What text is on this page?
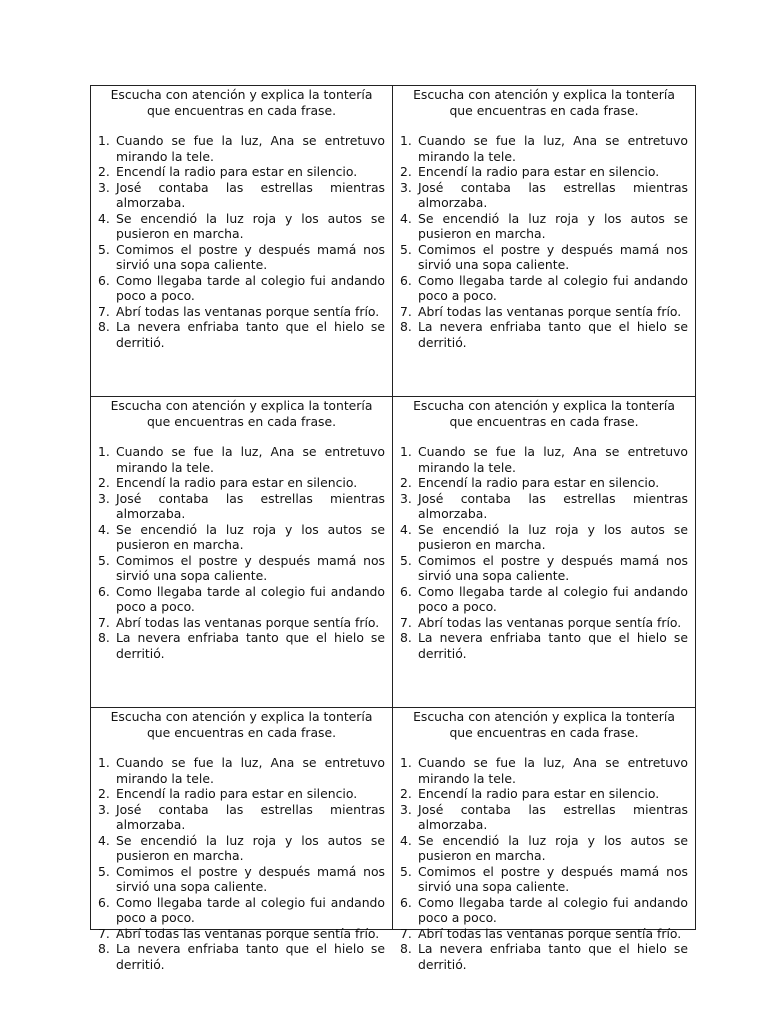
Escucha con atención y explica la tontería que encuentras en cada frase.
1. Cuando se fue la luz, Ana se entretuvo mirando la tele.
2. Encendí la radio para estar en silencio.
3. José contaba las estrellas mientras almorzaba.
4. Se encendió la luz roja y los autos se pusieron en marcha.
5. Comimos el postre y después mamá nos sirvió una sopa caliente.
6. Como llegaba tarde al colegio fui andando poco a poco.
7. Abrí todas las ventanas porque sentía frío.
8. La nevera enfriaba tanto que el hielo se derritió.
Escucha con atención y explica la tontería que encuentras en cada frase.
1. Cuando se fue la luz, Ana se entretuvo mirando la tele.
2. Encendí la radio para estar en silencio.
3. José contaba las estrellas mientras almorzaba.
4. Se encendió la luz roja y los autos se pusieron en marcha.
5. Comimos el postre y después mamá nos sirvió una sopa caliente.
6. Como llegaba tarde al colegio fui andando poco a poco.
7. Abrí todas las ventanas porque sentía frío.
8. La nevera enfriaba tanto que el hielo se derritió.
Escucha con atención y explica la tontería que encuentras en cada frase.
1. Cuando se fue la luz, Ana se entretuvo mirando la tele.
2. Encendí la radio para estar en silencio.
3. José contaba las estrellas mientras almorzaba.
4. Se encendió la luz roja y los autos se pusieron en marcha.
5. Comimos el postre y después mamá nos sirvió una sopa caliente.
6. Como llegaba tarde al colegio fui andando poco a poco.
7. Abrí todas las ventanas porque sentía frío.
8. La nevera enfriaba tanto que el hielo se derritió.
Escucha con atención y explica la tontería que encuentras en cada frase.
1. Cuando se fue la luz, Ana se entretuvo mirando la tele.
2. Encendí la radio para estar en silencio.
3. José contaba las estrellas mientras almorzaba.
4. Se encendió la luz roja y los autos se pusieron en marcha.
5. Comimos el postre y después mamá nos sirvió una sopa caliente.
6. Como llegaba tarde al colegio fui andando poco a poco.
7. Abrí todas las ventanas porque sentía frío.
8. La nevera enfriaba tanto que el hielo se derritió.
Escucha con atención y explica la tontería que encuentras en cada frase.
1. Cuando se fue la luz, Ana se entretuvo mirando la tele.
2. Encendí la radio para estar en silencio.
3. José contaba las estrellas mientras almorzaba.
4. Se encendió la luz roja y los autos se pusieron en marcha.
5. Comimos el postre y después mamá nos sirvió una sopa caliente.
6. Como llegaba tarde al colegio fui andando poco a poco.
7. Abrí todas las ventanas porque sentía frío.
8. La nevera enfriaba tanto que el hielo se derritió.
Escucha con atención y explica la tontería que encuentras en cada frase.
1. Cuando se fue la luz, Ana se entretuvo mirando la tele.
2. Encendí la radio para estar en silencio.
3. José contaba las estrellas mientras almorzaba.
4. Se encendió la luz roja y los autos se pusieron en marcha.
5. Comimos el postre y después mamá nos sirvió una sopa caliente.
6. Como llegaba tarde al colegio fui andando poco a poco.
7. Abrí todas las ventanas porque sentía frío.
8. La nevera enfriaba tanto que el hielo se derritió.
